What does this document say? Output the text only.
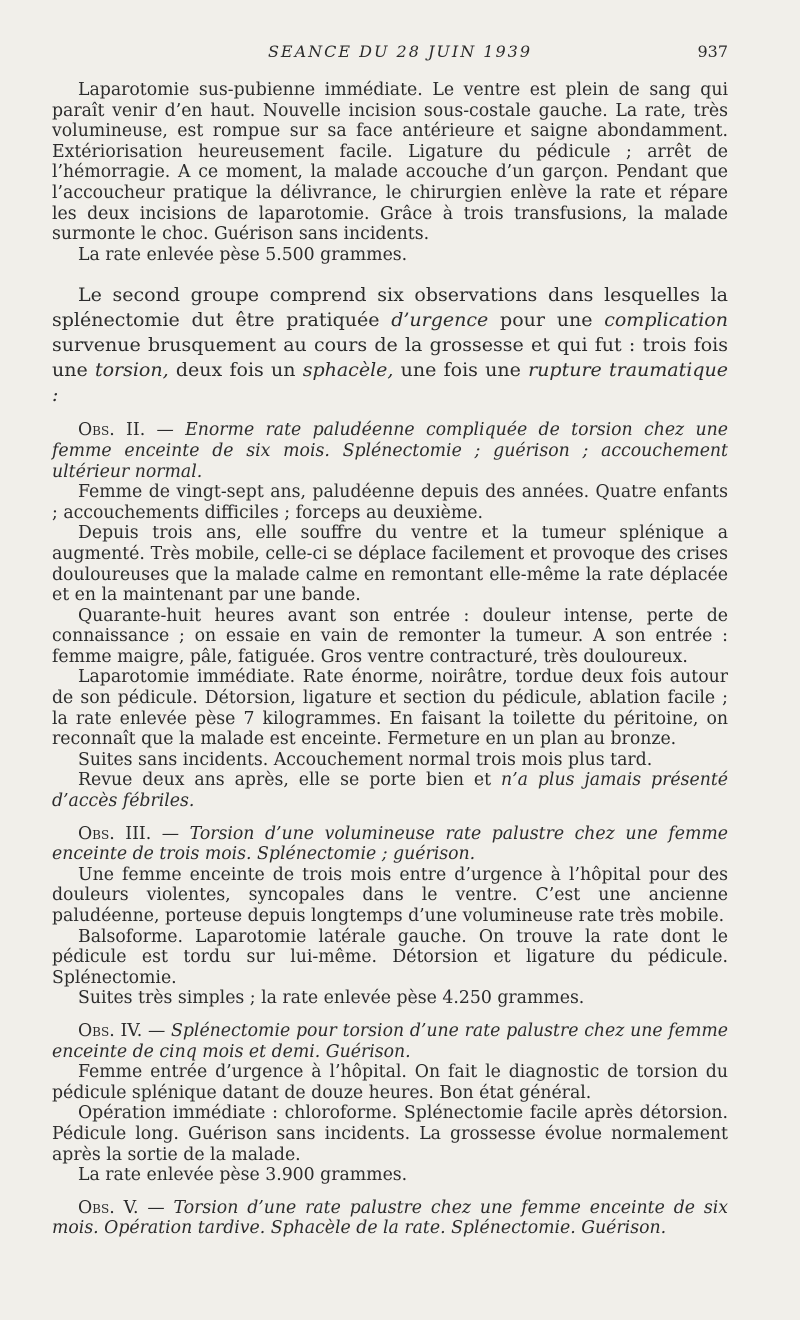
SEANCE DU 28 JUIN 1939	937

Laparotomie sus-pubienne immédiate. Le ventre est plein de sang qui paraît venir d’en haut. Nouvelle incision sous-costale gauche. La rate, très volumineuse, est rompue sur sa face antérieure et saigne abondamment. Extériorisation heureusement facile. Ligature du pédicule ; arrêt de l’hémorragie. A ce moment, la malade accouche d’un garçon. Pendant que l’accoucheur pratique la délivrance, le chirurgien enlève la rate et répare les deux incisions de laparotomie. Grâce à trois transfusions, la malade surmonte le choc. Guérison sans incidents.

La rate enlevée pèse 5.500 grammes.

Le second groupe comprend six observations dans lesquelles la splénectomie dut être pratiquée d’urgence pour une complication survenue brusquement au cours de la grossesse et qui fut : trois fois une torsion, deux fois un sphacèle, une fois une rupture traumatique :

Obs. II. — Enorme rate paludéenne compliquée de torsion chez une femme enceinte de six mois. Splénectomie ; guérison ; accouchement ultérieur normal.

Femme de vingt-sept ans, paludéenne depuis des années. Quatre enfants ; accouchements difficiles ; forceps au deuxième.

Depuis trois ans, elle souffre du ventre et la tumeur splénique a augmenté. Très mobile, celle-ci se déplace facilement et provoque des crises douloureuses que la malade calme en remontant elle-même la rate déplacée et en la maintenant par une bande.

Quarante-huit heures avant son entrée : douleur intense, perte de connaissance ; on essaie en vain de remonter la tumeur. A son entrée : femme maigre, pâle, fatiguée. Gros ventre contracturé, très douloureux.

Laparotomie immédiate. Rate énorme, noirâtre, tordue deux fois autour de son pédicule. Détorsion, ligature et section du pédicule, ablation facile ; la rate enlevée pèse 7 kilogrammes. En faisant la toilette du péritoine, on reconnaît que la malade est enceinte. Fermeture en un plan au bronze.

Suites sans incidents. Accouchement normal trois mois plus tard.

Revue deux ans après, elle se porte bien et n’a plus jamais présenté d’accès fébriles.

Obs. III. — Torsion d’une volumineuse rate palustre chez une femme enceinte de trois mois. Splénectomie ; guérison.

Une femme enceinte de trois mois entre d’urgence à l’hôpital pour des douleurs violentes, syncopales dans le ventre. C’est une ancienne paludéenne, porteuse depuis longtemps d’une volumineuse rate très mobile.

Balsoforme. Laparotomie latérale gauche. On trouve la rate dont le pédicule est tordu sur lui-même. Détorsion et ligature du pédicule. Splénectomie.

Suites très simples ; la rate enlevée pèse 4.250 grammes.

Obs. IV. — Splénectomie pour torsion d’une rate palustre chez une femme enceinte de cinq mois et demi. Guérison.

Femme entrée d’urgence à l’hôpital. On fait le diagnostic de torsion du pédicule splénique datant de douze heures. Bon état général.

Opération immédiate : chloroforme. Splénectomie facile après détorsion. Pédicule long. Guérison sans incidents. La grossesse évolue normalement après la sortie de la malade.

La rate enlevée pèse 3.900 grammes.

Obs. V. — Torsion d’une rate palustre chez une femme enceinte de six mois. Opération tardive. Sphacèle de la rate. Splénectomie. Guérison.
